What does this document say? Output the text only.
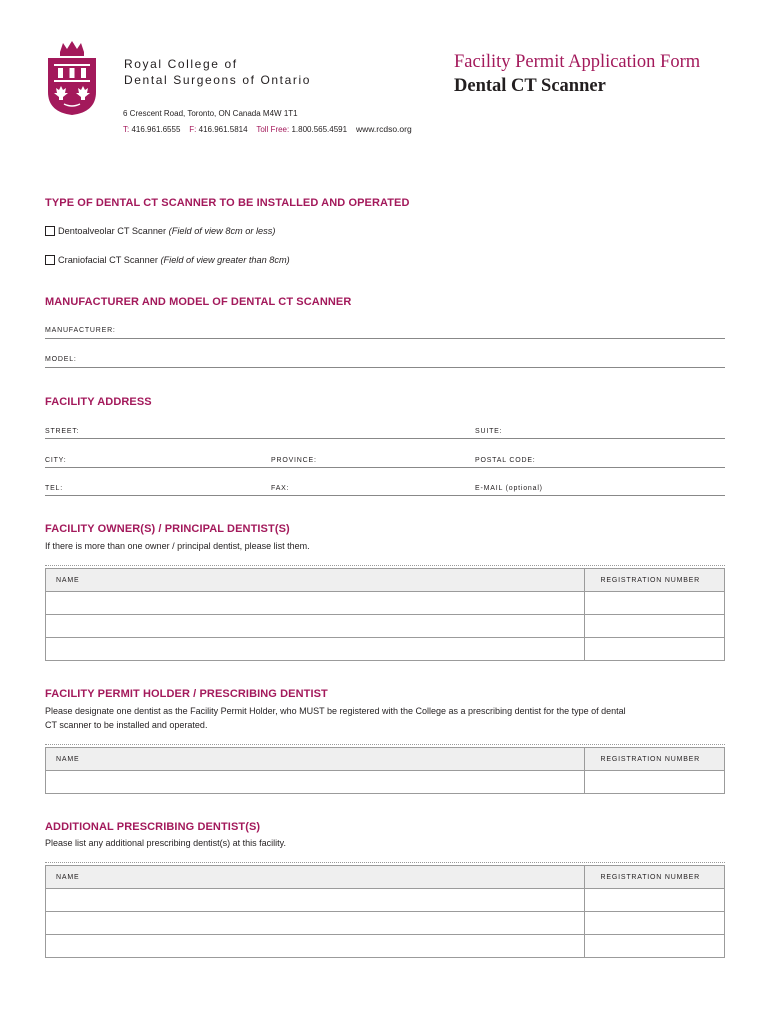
Royal College of
Dental Surgeons of Ontario
Facility Permit Application Form
Dental CT Scanner
6 Crescent Road, Toronto, ON Canada M4W 1T1
T: 416.961.6555 F: 416.961.5814 Toll Free: 1.800.565.4591 www.rcdso.org
TYPE OF DENTAL CT SCANNER TO BE INSTALLED AND OPERATED
Dentoalveolar CT Scanner
(Field of view 8cm or less)
Craniofacial CT Scanner
(Field of view greater than 8cm)
MANUFACTURER AND MODEL OF DENTAL CT SCANNER
MANUFACTURER:
MODEL:
FACILITY ADDRESS
STREET:	SUITE:
CITY:	PROVINCE:	POSTAL CODE:
TEL:	FAX:	E-MAIL (optional)
FACILITY OWNER(S) / PRINCIPAL DENTIST(S)
If there is more than one owner / principal dentist, please list them.
NAME	REGISTRATION NUMBER

FACILITY PERMIT HOLDER / PRESCRIBING DENTIST
Please designate one dentist as the Facility Permit Holder, who MUST be registered with the College as a prescribing dentist for the type of dental
CT scanner to be installed and operated.
NAME	REGISTRATION NUMBER

ADDITIONAL PRESCRIBING DENTIST(S)
Please list any additional prescribing dentist(s) at this facility.
NAME	REGISTRATION NUMBER
